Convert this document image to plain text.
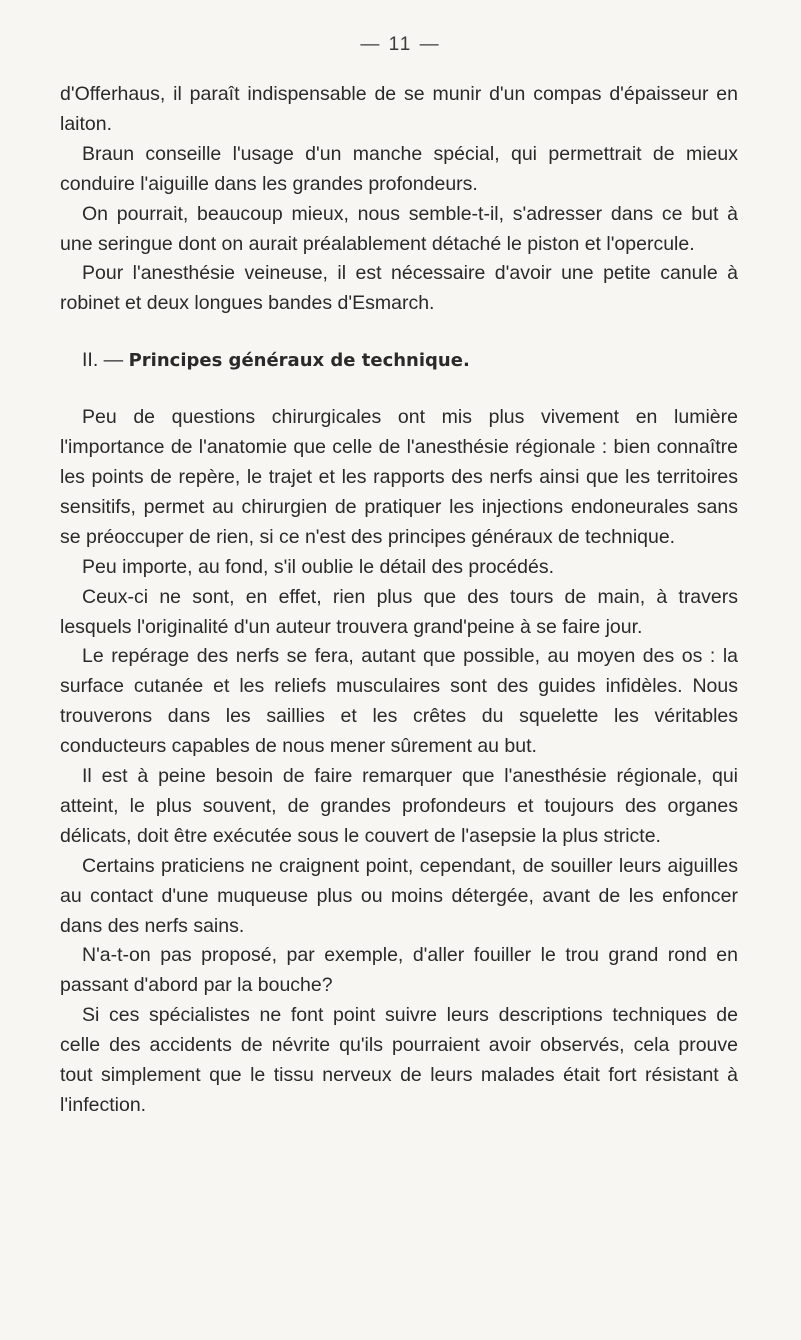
— 11 —

d'Offerhaus, il paraît indispensable de se munir d'un compas d'épaisseur en laiton.

Braun conseille l'usage d'un manche spécial, qui permettrait de mieux conduire l'aiguille dans les grandes profondeurs.

On pourrait, beaucoup mieux, nous semble-t-il, s'adresser dans ce but à une seringue dont on aurait préalablement détaché le piston et l'opercule.

Pour l'anesthésie veineuse, il est nécessaire d'avoir une petite canule à robinet et deux longues bandes d'Esmarch.

II. — Principes généraux de technique.

Peu de questions chirurgicales ont mis plus vivement en lumière l'importance de l'anatomie que celle de l'anesthésie régionale : bien connaître les points de repère, le trajet et les rapports des nerfs ainsi que les territoires sensitifs, permet au chirurgien de pratiquer les injections endoneurales sans se préoccuper de rien, si ce n'est des principes généraux de technique.

Peu importe, au fond, s'il oublie le détail des procédés.

Ceux-ci ne sont, en effet, rien plus que des tours de main, à travers lesquels l'originalité d'un auteur trouvera grand'peine à se faire jour.

Le repérage des nerfs se fera, autant que possible, au moyen des os : la surface cutanée et les reliefs musculaires sont des guides infidèles. Nous trouverons dans les saillies et les crêtes du squelette les véritables conducteurs capables de nous mener sûrement au but.

Il est à peine besoin de faire remarquer que l'anesthésie régionale, qui atteint, le plus souvent, de grandes profondeurs et toujours des organes délicats, doit être exécutée sous le couvert de l'asepsie la plus stricte.

Certains praticiens ne craignent point, cependant, de souiller leurs aiguilles au contact d'une muqueuse plus ou moins détergée, avant de les enfoncer dans des nerfs sains.

N'a-t-on pas proposé, par exemple, d'aller fouiller le trou grand rond en passant d'abord par la bouche?

Si ces spécialistes ne font point suivre leurs descriptions techniques de celle des accidents de névrite qu'ils pourraient avoir observés, cela prouve tout simplement que le tissu nerveux de leurs malades était fort résistant à l'infection.
